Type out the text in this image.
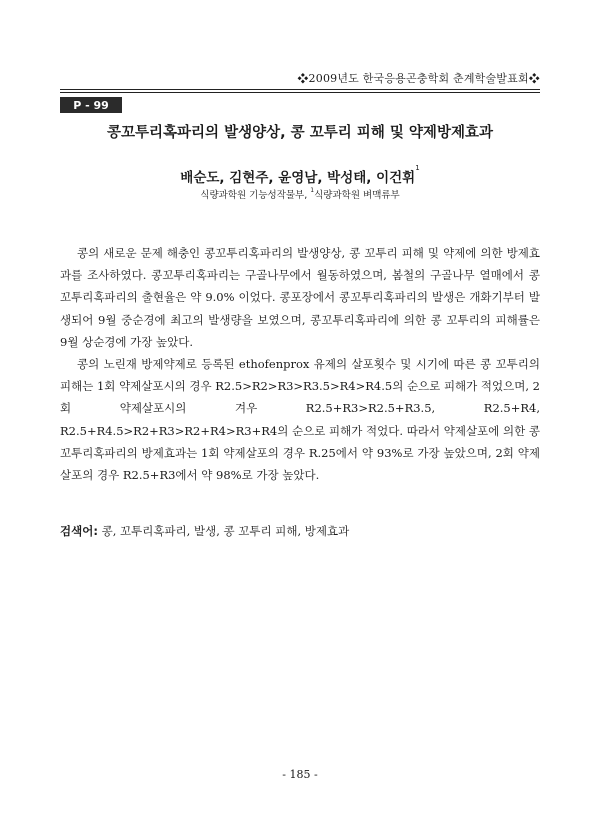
❖2009년도 한국응용곤충학회 춘계학술발표회❖
P - 99
콩꼬투리혹파리의 발생양상, 콩 꼬투리 피해 및 약제방제효과
배순도, 김현주, 윤영남, 박성태, 이건휘$^1$
식량과학원 기능성작물부, $^1$식량과학원 벼맥류부

콩의 새로운 문제 해충인 콩꼬투리혹파리의 발생양상, 콩 꼬투리 피해 및 약제에 의한 방제효과를 조사하였다. 콩꼬투리혹파리는 구골나무에서 월동하였으며, 봄철의 구골나무 열매에서 콩꼬투리혹파리의 출현율은 약 9.0% 이었다. 콩포장에서 콩꼬투리혹파리의 발생은 개화기부터 발생되어 9월 중순경에 최고의 발생량을 보였으며, 콩꼬투리혹파리에 의한 콩 꼬투리의 피해률은 9월 상순경에 가장 높았다.

콩의 노린재 방제약제로 등록된 ethofenprox 유제의 살포횟수 및 시기에 따른 콩 꼬투리의 피해는 1회 약제살포시의 경우 R2.5>R2>R3>R3.5>R4>R4.5의 순으로 피해가 적었으며, 2회 약제살포시의 겨우 R2.5+R3>R2.5+R3.5, R2.5+R4, R2.5+R4.5>R2+R3>R2+R4>R3+R4의 순으로 피해가 적었다. 따라서 약제살포에 의한 콩꼬투리혹파리의 방제효과는 1회 약제살포의 경우 R.25에서 약 93%로 가장 높았으며, 2회 약제살포의 경우 R2.5+R3에서 약 98%로 가장 높았다.

검색어: 콩, 꼬투리혹파리, 발생, 콩 꼬투리 피해, 방제효과
- 185 -
